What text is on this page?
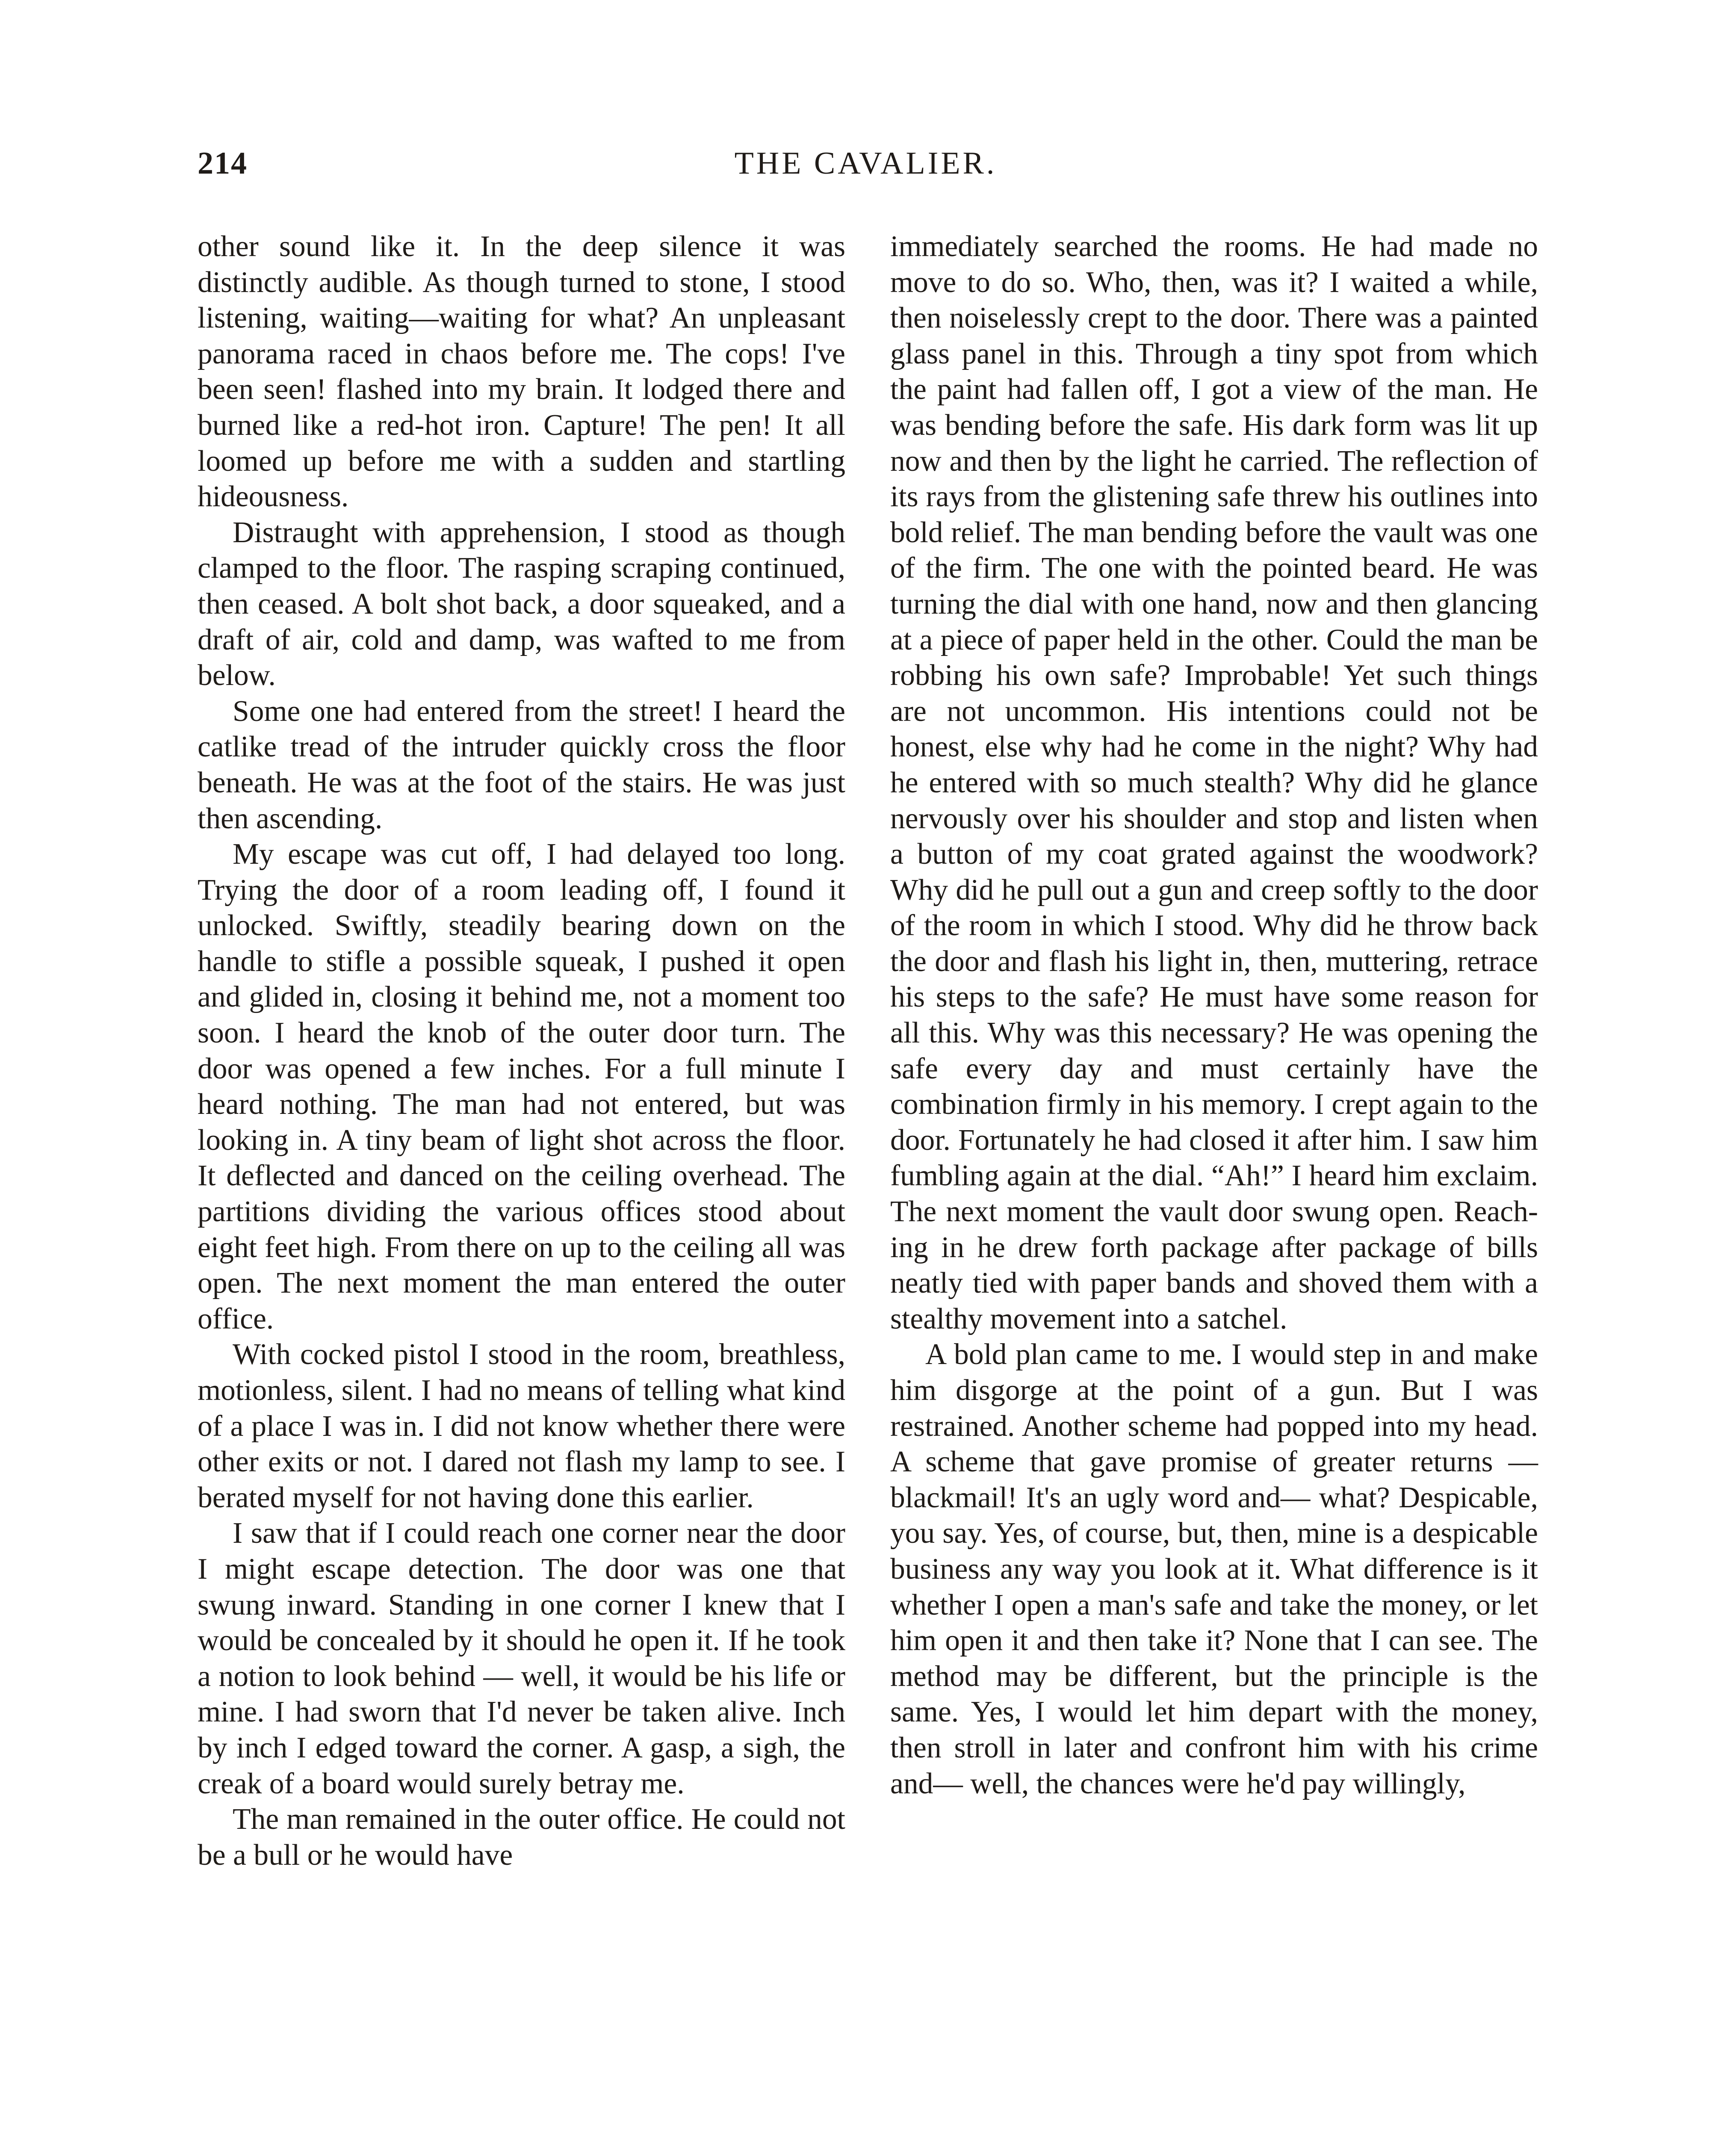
214	THE CAVALIER.

other sound like it. In the deep silence it was distinctly audible. As though turned to stone, I stood listening, waiting—waiting for what? An unpleasant panorama raced in chaos before me. The cops! I've been seen! flashed into my brain. It lodged there and burned like a red-hot iron. Capture! The pen! It all loomed up before me with a sudden and startling hideousness.

Distraught with apprehension, I stood as though clamped to the floor. The rasping scraping continued, then ceased. A bolt shot back, a door squeaked, and a draft of air, cold and damp, was wafted to me from below.

Some one had entered from the street! I heard the catlike tread of the intruder quickly cross the floor beneath. He was at the foot of the stairs. He was just then ascending.

My escape was cut off, I had delayed too long. Trying the door of a room leading off, I found it unlocked. Swiftly, steadily bearing down on the handle to stifle a possible squeak, I pushed it open and glided in, closing it behind me, not a moment too soon. I heard the knob of the outer door turn. The door was opened a few inches. For a full minute I heard nothing. The man had not entered, but was looking in. A tiny beam of light shot across the floor. It deflected and danced on the ceiling overhead. The partitions dividing the various offices stood about eight feet high. From there on up to the ceiling all was open. The next moment the man entered the outer office.

With cocked pistol I stood in the room, breathless, motionless, silent. I had no means of telling what kind of a place I was in. I did not know whether there were other exits or not. I dared not flash my lamp to see. I berated myself for not having done this earlier.

I saw that if I could reach one corner near the door I might escape detection. The door was one that swung inward. Standing in one corner I knew that I would be concealed by it should he open it. If he took a notion to look behind — well, it would be his life or mine. I had sworn that I'd never be taken alive. Inch by inch I edged toward the corner. A gasp, a sigh, the creak of a board would surely betray me.

The man remained in the outer office. He could not be a bull or he would have

immediately searched the rooms. He had made no move to do so. Who, then, was it? I waited a while, then noiselessly crept to the door. There was a painted glass panel in this. Through a tiny spot from which the paint had fallen off, I got a view of the man. He was bending before the safe. His dark form was lit up now and then by the light he carried. The reflection of its rays from the glistening safe threw his outlines into bold relief. The man bending before the vault was one of the firm. The one with the pointed beard. He was turning the dial with one hand, now and then glancing at a piece of paper held in the other. Could the man be robbing his own safe? Improbable! Yet such things are not uncommon. His intentions could not be honest, else why had he come in the night? Why had he entered with so much stealth? Why did he glance nervously over his shoulder and stop and listen when a button of my coat grated against the woodwork? Why did he pull out a gun and creep softly to the door of the room in which I stood. Why did he throw back the door and flash his light in, then, muttering, retrace his steps to the safe? He must have some reason for all this. Why was this necessary? He was opening the safe every day and must certainly have the combination firmly in his memory. I crept again to the door. Fortunately he had closed it after him. I saw him fumbling again at the dial. “Ah!” I heard him exclaim. The next moment the vault door swung open. Reaching in he drew forth package after package of bills neatly tied with paper bands and shoved them with a stealthy movement into a satchel.

A bold plan came to me. I would step in and make him disgorge at the point of a gun. But I was restrained. Another scheme had popped into my head. A scheme that gave promise of greater returns —blackmail! It's an ugly word and— what? Despicable, you say. Yes, of course, but, then, mine is a despicable business any way you look at it. What difference is it whether I open a man's safe and take the money, or let him open it and then take it? None that I can see. The method may be different, but the principle is the same. Yes, I would let him depart with the money, then stroll in later and confront him with his crime and— well, the chances were he'd pay willingly,
